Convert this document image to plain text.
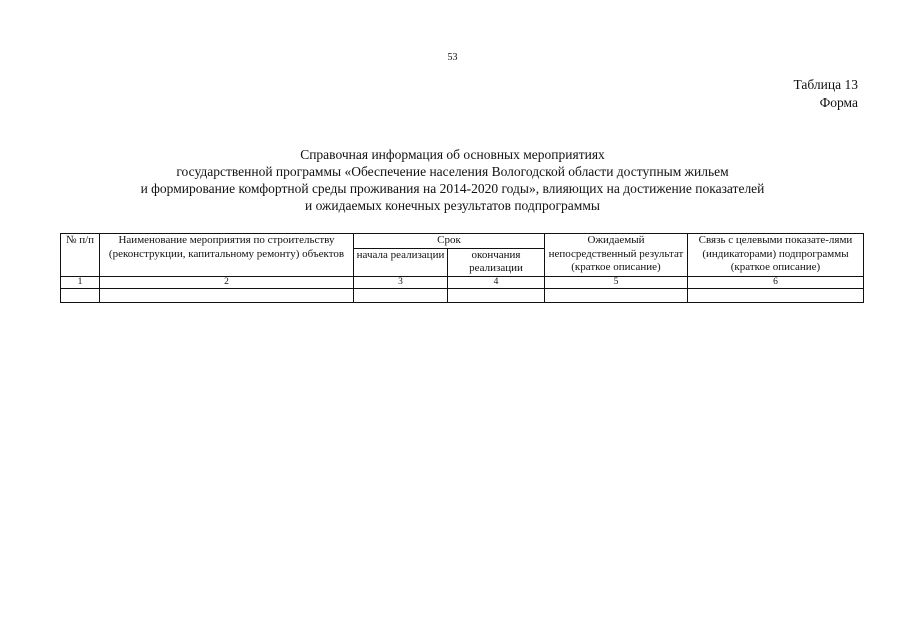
53
Таблица 13
Форма
Справочная информация об основных мероприятиях
государственной программы «Обеспечение населения Вологодской области доступным жильем
и формирование комфортной среды проживания на 2014-2020 годы», влияющих на достижение показателей
и ожидаемых конечных результатов подпрограммы
№ п/п	Наименование мероприятия по строительству (реконструкции, капитальному ремонту) объектов	Срок		Ожидаемый непосредственный результат (краткое описание)	Связь с целевыми показате-лями (индикаторами) подпрограммы (краткое описание)
		начала реализации	окончания реализации		
1	2	3	4	5	6
